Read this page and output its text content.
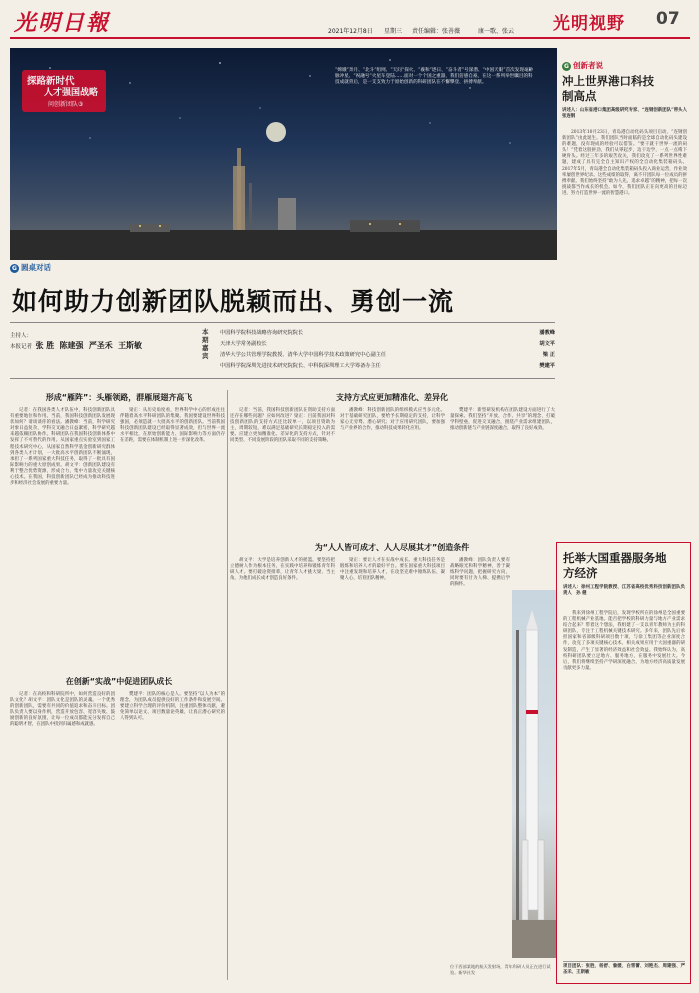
光明日報	2021年12月8日 星期三 责任编辑：张善薇	康一歌、张云 光明视野 07
探路新时代
人才强国战略
问创新团队③
“嫦娥”奔月、“北斗”组网、“天问”探火、“羲和”逐日、“奋斗者”号深潜、“中国天眼”首次发现毫秒脉冲星、“祝融号”火星车登陆……面对一个个国之重器，我们倍感自豪。在这一系列举世瞩目的科技成就背后，是一支支致力于原始创新的科研团队在不懈攀登、拼搏奉献。
G 创新者说
冲上世界港口科技制高点
讲述人：山东省港口集团高级研究专家、“连钢创新团队”带头人　张连钢
2013年10月23日，青岛港自动化码头项目启动，“连钢创新团队”由此诞生。我们团队当时面临的是全球自动化码头建设的难题，没有现成的经验可以借鉴。“要干就干世界一流的码头！”凭着这股拼劲，我们从零起步，边干边学，一点一点啃下硬骨头。经过三年多的艰苦攻关，我们攻克了一系列世界性难题，建成了具有完全自主知识产权的全自动化集装箱码头。2017年5月，青岛港全自动化集装箱码头投入商业运营，作业效率屡创世界纪录。这些成绩的取得，离不开团队每一位成员的拼搏奉献。我们始终坚持“敢为人先、追求卓越”的精神，把每一次挑战都当作成长的机会。如今，我们团队正在向更高的目标迈进，努力打造世界一流的智慧港口。
托举大国重器服务地方经济
讲述人：徐州工程学院教授、江苏省高校优秀科技创新团队负责人　孙 健
我来到徐州工程学院后，发现学校所在的徐州是全国重要的工程机械产业基地。能否把学校的科研力量与地方产业需求结合起来？带着这个想法，我组建了一支以青年教师为主的科研团队，专注于工程机械关键技术研究。多年来，团队先后承担国家和省部级科研项目数十项，与徐工集团等企业深度合作，攻克了多项关键核心技术，相关成果应用于大国重器的研发制造，产生了显著的经济效益和社会效益。我始终认为，高校科研团队要立足地方、服务地方，在服务中发展壮大。今后，我们将继续坚持产学研深度融合，为地方经济高质量发展贡献更多力量。
项目团队：张胜、杨舒、詹媛、白雪蕾、刘艳杰、周建强、严圣禾、王斯敏
G 圆桌对话
如何助力创新团队脱颖而出、勇创一流
主持人：
本报记者 张 胜 陈建强 严圣禾 王斯敏
本期嘉宾
中国科学院科技战略咨询研究院院长	潘教峰
天津大学常务副校长	胡文平
清华大学公共管理学院教授、清华大学中国科学技术政策研究中心副主任	梁 正
中国科学院深圳先进技术研究院院长、中科院深圳理工大学筹备办主任	樊建平
形成“雁阵”：头雁领路，群雁展翅齐高飞	支持方式应更加精准化、差异化
记者：在我国各类人才队伍中，科技创新团队具有重要地位和作用。当前，我国科技创新团队发展现状如何？请谈谈你的看法。潘教峰：当前，科学研究对象日益复杂，学科交叉融合日益紧密，科学研究越来越依赖团队协作。科研团队在我国科技创新体系中发挥了不可替代的作用。从国家重点实验室到国家工程技术研究中心，从国家自然科学基金创新研究群体到各类人才计划，一大批高水平创新团队不断涌现，承担了一系列国家重大科技任务，取得了一批具有国际影响力的重大原创成果。胡文平：创新团队建设有利于整合优势资源，形成合力，集中力量攻克关键核心技术。在我国，科技创新团队已经成为推动科技进步和经济社会发展的重要力量。
梁正：从历史角度看，世界科学中心的形成往往伴随着高水平科研团队的集聚。我国要建设世界科技强国，必须造就一大批高水平的创新团队。当前我国科技创新团队建设已经取得显著成效，但与世界一流水平相比，在原始创新能力、国际影响力等方面仍存在差距，需要在体制机制上进一步深化改革。
记者：当前，我国科技创新团队在资助支持方面还存在哪些问题？应如何改进？梁正：目前我国对科技创新团队的支持方式还比较单一，以项目资助为主，周期较短，难以满足基础研究长期稳定投入的需要。应建立更加精准化、差异化的支持方式，针对不同类型、不同发展阶段的团队采取不同的支持策略。
潘教峰：科技创新团队的组织模式应当多元化。对于基础研究团队，要给予长期稳定的支持，让科学家心无旁骛、潜心研究；对于应用研究团队，要加强与产业界的合作，推动科技成果转化应用。
樊建平：新型研发机构在团队建设方面进行了大量探索。我们坚持“开放、合作、共享”的理念，打破学科壁垒，促进交叉融合，围绕产业需求组建团队，推动创新链与产业链深度融合，取得了良好成效。
为“人人皆可成才、人人尽展其才”创造条件
胡文平：大学是培养创新人才的摇篮。要坚持把立德树人作为根本任务，在实践中培养和锻炼青年科研人才。要打破论资排辈，让青年人才挑大梁、当主角，为他们成长成才创造良好条件。
梁正：要让人才在实战中成长。重大科技任务是锻炼和培养人才的最好平台。要在国家重大科技项目中注重发现和培养人才，在攻坚克难中锤炼队伍、凝聚人心、培育团队精神。
潘教峰：团队负责人要有战略眼光和科学精神，善于凝练科学问题，把握研究方向，同时要有甘为人梯、提携后学的胸怀。
在创新“实战”中促进团队成长
记者：在高校和科研院所中，如何营造良好的团队文化？胡文平：团队文化是团队的灵魂。一个优秀的创新团队，需要有共同的价值追求和奋斗目标。团队负责人要以身作则，营造开放包容、宽容失败、鼓励创新的良好氛围，让每一位成员都能充分发挥自己的聪明才智，在团队中找到归属感和成就感。
樊建平：团队的核心是人。要坚持“以人为本”的理念，为团队成员提供良好的工作条件和发展空间。要建立科学合理的评价机制，注重团队整体贡献，避免简单以论文、项目数量论英雄，让真正潜心研究的人得到认可。
位于西部某地的航天发射场，青年科研人员正在进行试验。新华社发
